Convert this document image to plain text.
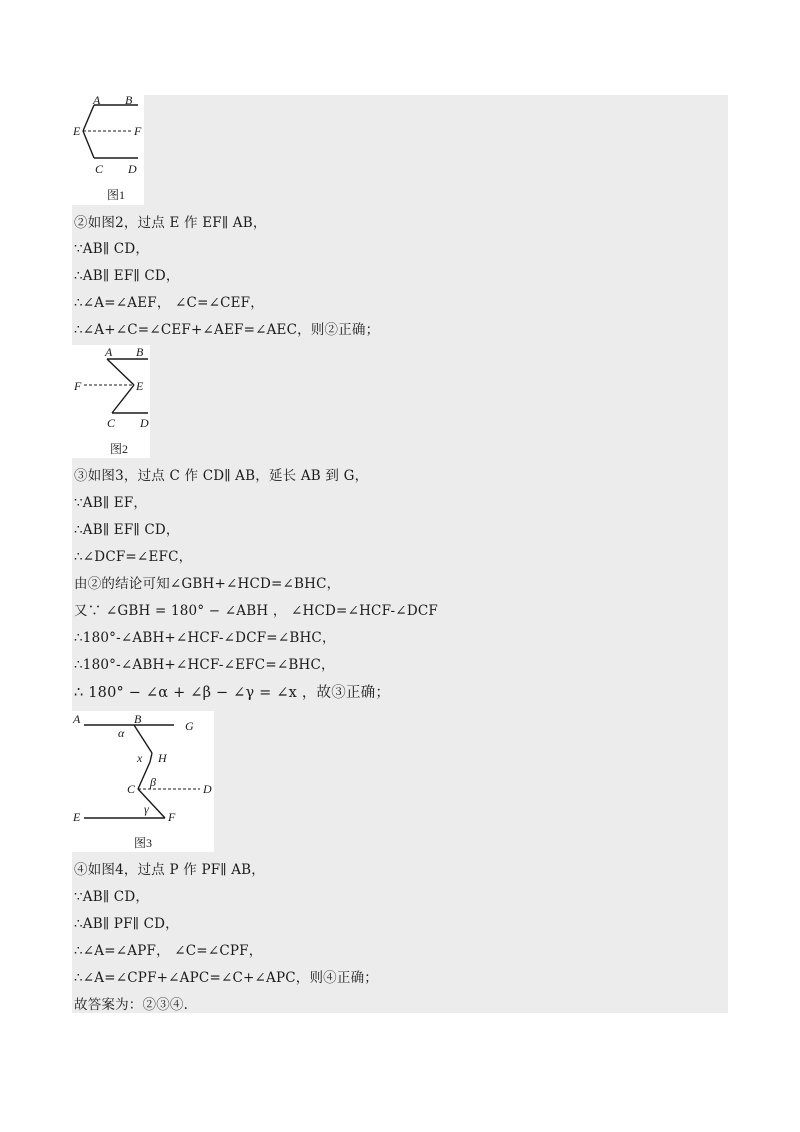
A B
E	F
C D
图1
②如图2，过点 E 作 EF∥ AB，
∵AB∥ CD，
∴AB∥ EF∥ CD，
∴∠A=∠AEF， ∠C=∠CEF，
∴∠A+∠C=∠CEF+∠AEF=∠AEC，则②正确；
A B
F	E
C D
图2
③如图3，过点 C 作 CD∥ AB，延长 AB 到 G，
∵AB∥ EF，
∴AB∥ EF∥ CD，
∴∠DCF=∠EFC，
由②的结论可知∠GBH+∠HCD=∠BHC，
又∵ ∠GBH = 180° − ∠ABH ， ∠HCD=∠HCF-∠DCF
∴180°-∠ABH+∠HCF-∠DCF=∠BHC，
∴180°-∠ABH+∠HCF-∠EFC=∠BHC，
∴ 180° − ∠α + ∠β − ∠γ = ∠x ，故③正确；
A	B	G
α
x H
β
C	D
γ
E	F
图3
④如图4，过点 P 作 PF∥ AB，
∵AB∥ CD，
∴AB∥ PF∥ CD，
∴∠A=∠APF， ∠C=∠CPF，
∴∠A=∠CPF+∠APC=∠C+∠APC，则④正确；
故答案为：②③④.
